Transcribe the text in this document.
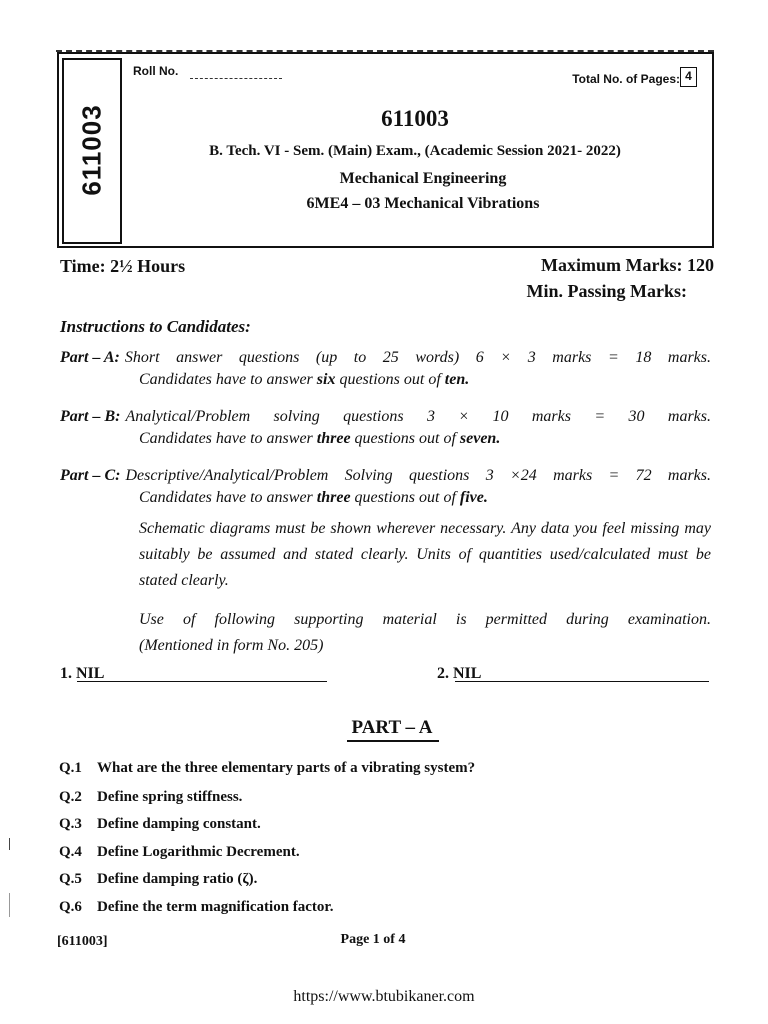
611003
Roll No.
Total No. of Pages: 4
611003
B. Tech. VI - Sem. (Main) Exam., (Academic Session 2021- 2022)
Mechanical Engineering
6ME4 – 03 Mechanical Vibrations
Time: 2½ Hours	Maximum Marks: 120
Min. Passing Marks:
Instructions to Candidates:
Part – A: Short answer questions (up to 25 words) 6 × 3 marks = 18 marks.
Candidates have to answer six questions out of ten.
Part – B: Analytical/Problem solving questions 3 × 10 marks = 30 marks.
Candidates have to answer three questions out of seven.
Part – C: Descriptive/Analytical/Problem Solving questions 3 ×24 marks = 72 marks.
Candidates have to answer three questions out of five.
Schematic diagrams must be shown wherever necessary. Any data you feel missing may suitably be assumed and stated clearly. Units of quantities used/calculated must be stated clearly.
Use of following supporting material is permitted during examination.
(Mentioned in form No. 205)
1. NIL	2. NIL
PART – A
Q.1 What are the three elementary parts of a vibrating system?
Q.2 Define spring stiffness.
Q.3 Define damping constant.
Q.4 Define Logarithmic Decrement.
Q.5 Define damping ratio (ζ).
Q.6 Define the term magnification factor.
[611003]	Page 1 of 4
https://www.btubikaner.com
